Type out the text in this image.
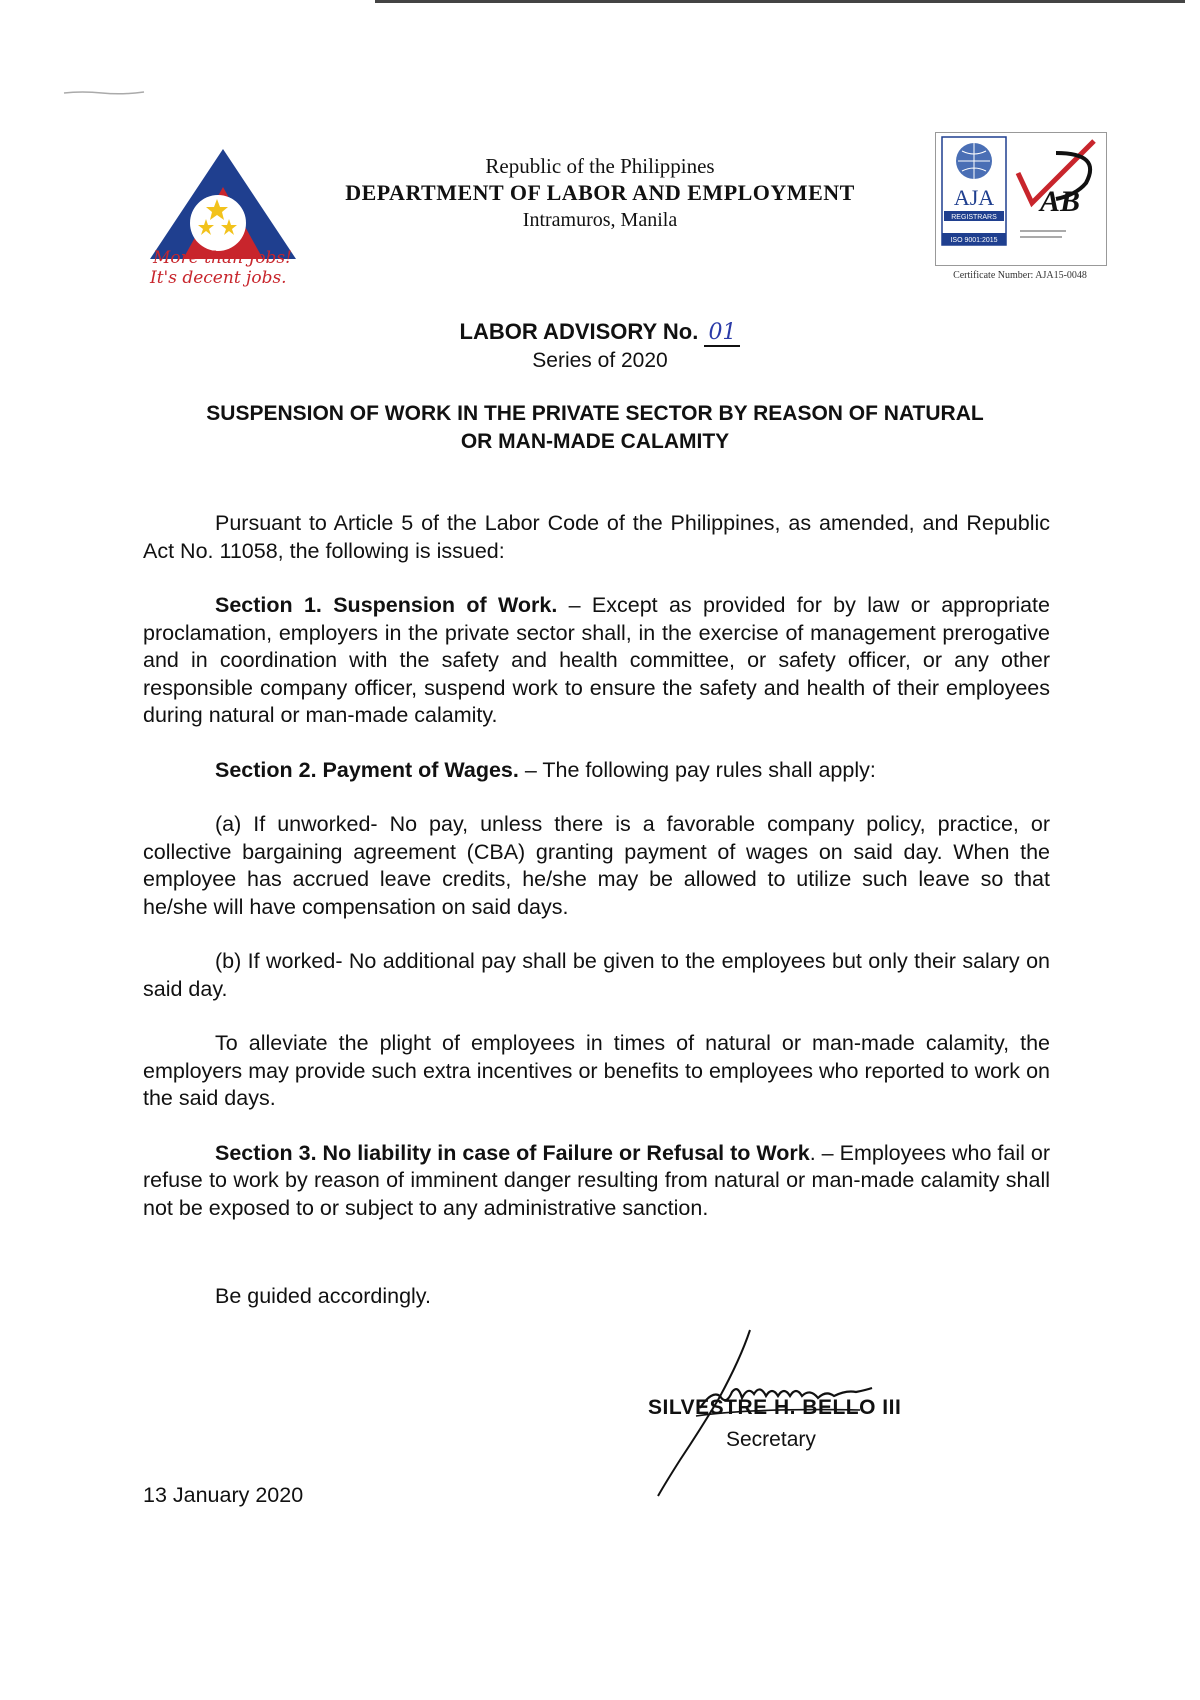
More than Jobs!
It's decent jobs.
Republic of the Philippines
DEPARTMENT OF LABOR AND EMPLOYMENT
Intramuros, Manila
AJA
REGISTRARS
ISO 9001:2015
AB
Certificate Number: AJA15-0048
LABOR ADVISORY No. 01
Series of 2020
SUSPENSION OF WORK IN THE PRIVATE SECTOR BY REASON OF NATURAL
OR MAN-MADE CALAMITY

Pursuant to Article 5 of the Labor Code of the Philippines, as amended, and Republic Act No. 11058, the following is issued:

Section 1. Suspension of Work. – Except as provided for by law or appropriate proclamation, employers in the private sector shall, in the exercise of management prerogative and in coordination with the safety and health committee, or safety officer, or any other responsible company officer, suspend work to ensure the safety and health of their employees during natural or man-made calamity.

Section 2. Payment of Wages. – The following pay rules shall apply:

(a) If unworked- No pay, unless there is a favorable company policy, practice, or collective bargaining agreement (CBA) granting payment of wages on said day. When the employee has accrued leave credits, he/she may be allowed to utilize such leave so that he/she will have compensation on said days.

(b) If worked- No additional pay shall be given to the employees but only their salary on said day.

To alleviate the plight of employees in times of natural or man-made calamity, the employers may provide such extra incentives or benefits to employees who reported to work on the said days.

Section 3. No liability in case of Failure or Refusal to Work. – Employees who fail or refuse to work by reason of imminent danger resulting from natural or man-made calamity shall not be exposed to or subject to any administrative sanction.

Be guided accordingly.
SILVESTRE H. BELLO III
Secretary
13 January 2020
